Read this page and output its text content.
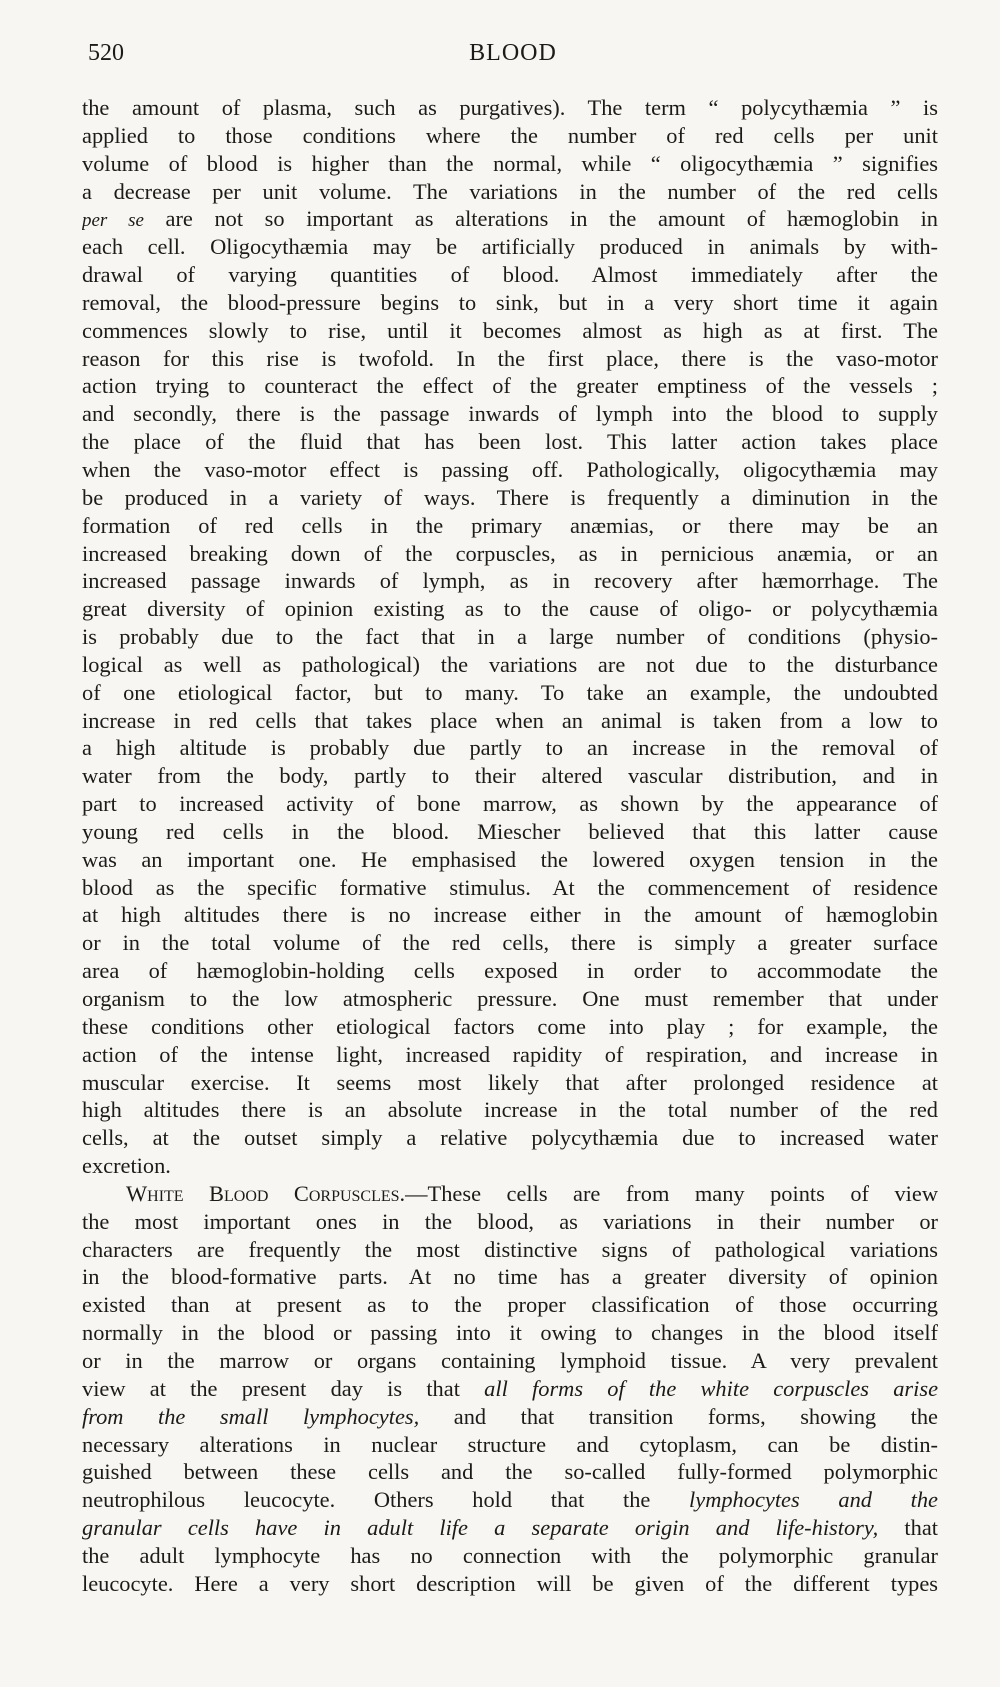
520	BLOOD
the amount of plasma, such as purgatives). The term “ polycythæmia ” is
applied to those conditions where the number of red cells per unit
volume of blood is higher than the normal, while “ oligocythæmia ” signifies
a decrease per unit volume. The variations in the number of the red cells
per se are not so important as alterations in the amount of hæmoglobin in
each cell. Oligocythæmia may be artificially produced in animals by with-
drawal of varying quantities of blood. Almost immediately after the
removal, the blood-pressure begins to sink, but in a very short time it again
commences slowly to rise, until it becomes almost as high as at first. The
reason for this rise is twofold. In the first place, there is the vaso-motor
action trying to counteract the effect of the greater emptiness of the vessels ;
and secondly, there is the passage inwards of lymph into the blood to supply
the place of the fluid that has been lost. This latter action takes place
when the vaso-motor effect is passing off. Pathologically, oligocythæmia may
be produced in a variety of ways. There is frequently a diminution in the
formation of red cells in the primary anæmias, or there may be an
increased breaking down of the corpuscles, as in pernicious anæmia, or an
increased passage inwards of lymph, as in recovery after hæmorrhage. The
great diversity of opinion existing as to the cause of oligo- or polycythæmia
is probably due to the fact that in a large number of conditions (physio-
logical as well as pathological) the variations are not due to the disturbance
of one etiological factor, but to many. To take an example, the undoubted
increase in red cells that takes place when an animal is taken from a low to
a high altitude is probably due partly to an increase in the removal of
water from the body, partly to their altered vascular distribution, and in
part to increased activity of bone marrow, as shown by the appearance of
young red cells in the blood. Miescher believed that this latter cause
was an important one. He emphasised the lowered oxygen tension in the
blood as the specific formative stimulus. At the commencement of residence
at high altitudes there is no increase either in the amount of hæmoglobin
or in the total volume of the red cells, there is simply a greater surface
area of hæmoglobin-holding cells exposed in order to accommodate the
organism to the low atmospheric pressure. One must remember that under
these conditions other etiological factors come into play ; for example, the
action of the intense light, increased rapidity of respiration, and increase in
muscular exercise. It seems most likely that after prolonged residence at
high altitudes there is an absolute increase in the total number of the red
cells, at the outset simply a relative polycythæmia due to increased water
excretion.
White Blood Corpuscles.—These cells are from many points of view
the most important ones in the blood, as variations in their number or
characters are frequently the most distinctive signs of pathological variations
in the blood-formative parts. At no time has a greater diversity of opinion
existed than at present as to the proper classification of those occurring
normally in the blood or passing into it owing to changes in the blood itself
or in the marrow or organs containing lymphoid tissue. A very prevalent
view at the present day is that all forms of the white corpuscles arise
from the small lymphocytes, and that transition forms, showing the
necessary alterations in nuclear structure and cytoplasm, can be distin-
guished between these cells and the so-called fully-formed polymorphic
neutrophilous leucocyte. Others hold that the lymphocytes and the
granular cells have in adult life a separate origin and life-history, that
the adult lymphocyte has no connection with the polymorphic granular
leucocyte. Here a very short description will be given of the different types
